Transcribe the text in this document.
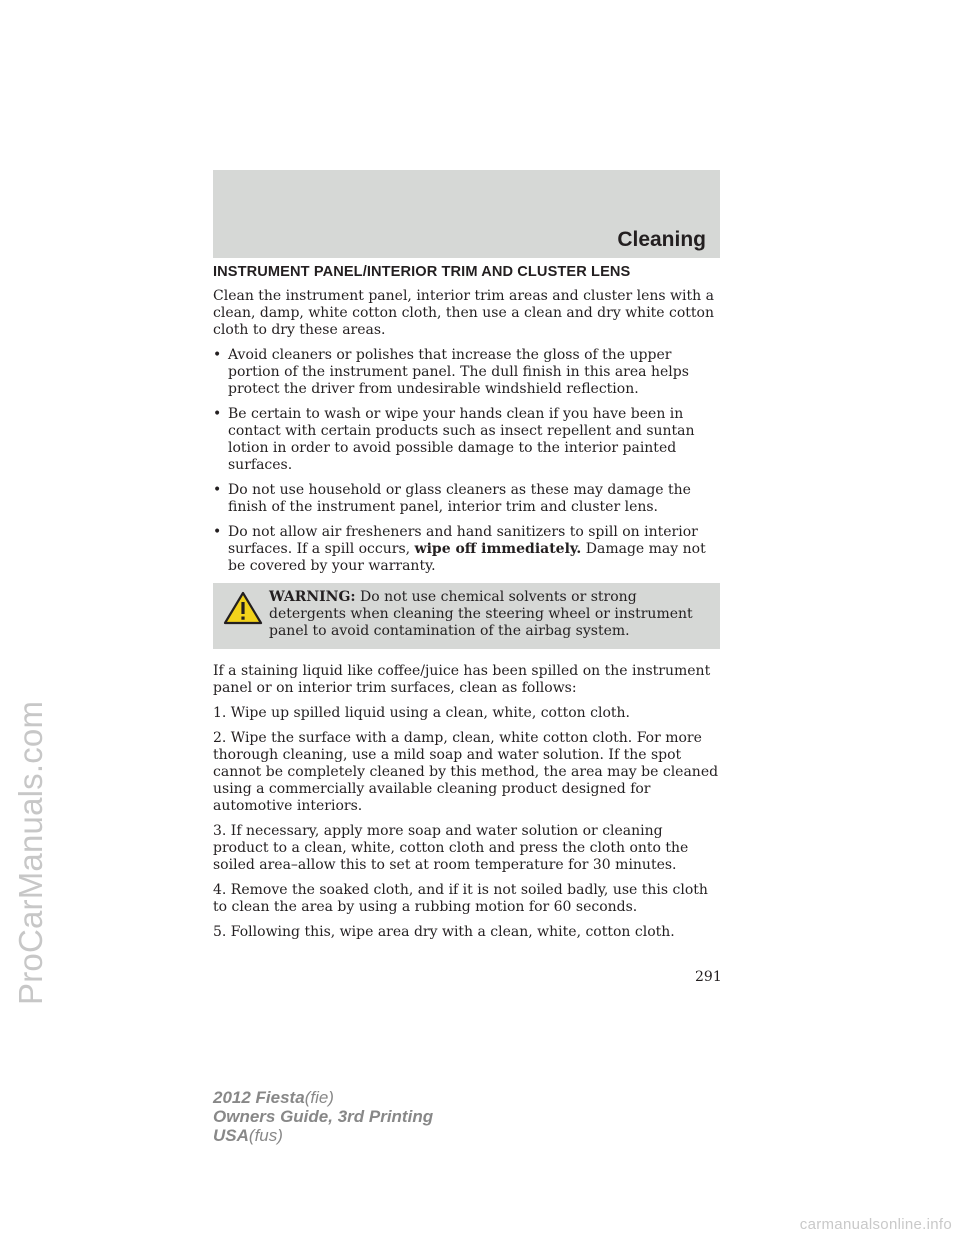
ProCarManuals.com
Cleaning
INSTRUMENT PANEL/INTERIOR TRIM AND CLUSTER LENS

Clean the instrument panel, interior trim areas and cluster lens with a clean, damp, white cotton cloth, then use a clean and dry white cotton cloth to dry these areas.

• Avoid cleaners or polishes that increase the gloss of the upper portion of the instrument panel. The dull finish in this area helps protect the driver from undesirable windshield reflection.
• Be certain to wash or wipe your hands clean if you have been in contact with certain products such as insect repellent and suntan lotion in order to avoid possible damage to the interior painted surfaces.
• Do not use household or glass cleaners as these may damage the finish of the instrument panel, interior trim and cluster lens.
• Do not allow air fresheners and hand sanitizers to spill on interior surfaces. If a spill occurs, wipe off immediately. Damage may not be covered by your warranty.
WARNING: Do not use chemical solvents or strong detergents when cleaning the steering wheel or instrument panel to avoid contamination of the airbag system.

If a staining liquid like coffee/juice has been spilled on the instrument panel or on interior trim surfaces, clean as follows:

1. Wipe up spilled liquid using a clean, white, cotton cloth.

2. Wipe the surface with a damp, clean, white cotton cloth. For more thorough cleaning, use a mild soap and water solution. If the spot cannot be completely cleaned by this method, the area may be cleaned using a commercially available cleaning product designed for automotive interiors.

3. If necessary, apply more soap and water solution or cleaning product to a clean, white, cotton cloth and press the cloth onto the soiled area–allow this to set at room temperature for 30 minutes.

4. Remove the soaked cloth, and if it is not soiled badly, use this cloth to clean the area by using a rubbing motion for 60 seconds.

5. Following this, wipe area dry with a clean, white, cotton cloth.

291
2012 Fiesta(fie)
Owners Guide, 3rd Printing
USA(fus)
carmanualsonline.info
